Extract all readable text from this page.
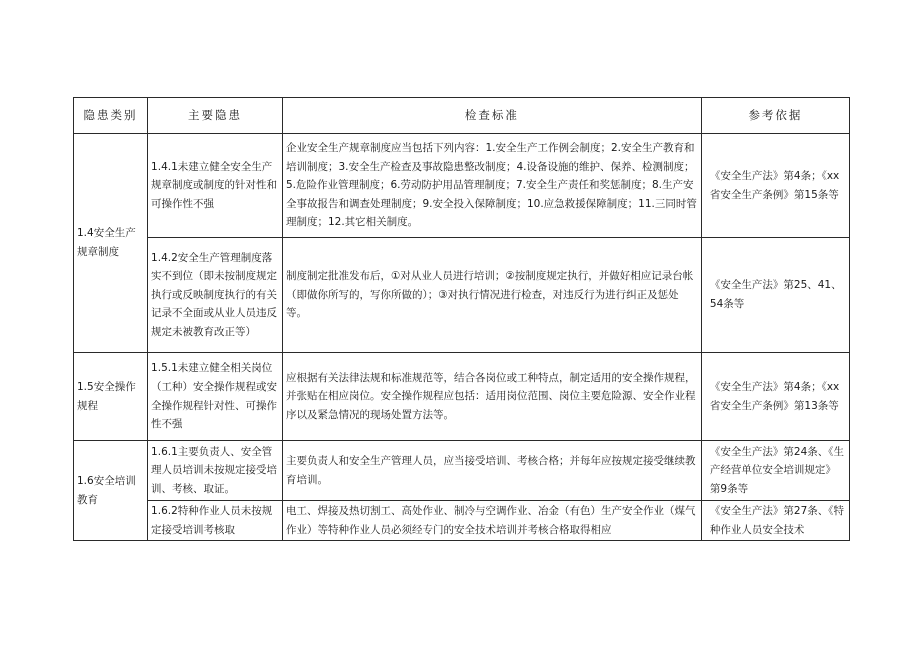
隐患类别	主要隐患	检查标准	参考依据
1.4安全生产规章制度	1.4.1未建立健全安全生产规章制度或制度的针对性和可操作性不强	企业安全生产规章制度应当包括下列内容：1.安全生产工作例会制度；2.安全生产教育和培训制度；3.安全生产检查及事故隐患整改制度；4.设备设施的维护、保养、检测制度；5.危险作业管理制度；6.劳动防护用品管理制度；7.安全生产责任和奖惩制度；8.生产安全事故报告和调查处理制度；9.安全投入保障制度；10.应急救援保障制度；11.三同时管理制度；12.其它相关制度。	《安全生产法》第4条；《xx省安全生产条例》第15条等
	1.4.2安全生产管理制度落实不到位（即未按制度规定执行或反映制度执行的有关记录不全面或从业人员违反规定未被教育改正等）	制度制定批准发布后，①对从业人员进行培训；②按制度规定执行，并做好相应记录台帐（即做你所写的，写你所做的）；③对执行情况进行检查，对违反行为进行纠正及惩处等。	《安全生产法》第25、41、54条等
1.5安全操作规程	1.5.1未建立健全相关岗位（工种）安全操作规程或安全操作规程针对性、可操作性不强	应根据有关法律法规和标准规范等，结合各岗位或工种特点，制定适用的安全操作规程，并张贴在相应岗位。安全操作规程应包括：适用岗位范围、岗位主要危险源、安全作业程序以及紧急情况的现场处置方法等。	《安全生产法》第4条；《xx省安全生产条例》第13条等
1.6安全培训教育	1.6.1主要负责人、安全管理人员培训未按规定接受培训、考核、取证。	主要负责人和安全生产管理人员，应当接受培训、考核合格；并每年应按规定接受继续教育培训。	《安全生产法》第24条、《生产经营单位安全培训规定》第9条等
	1.6.2特种作业人员未按规定接受培训考核取	电工、焊接及热切割工、高处作业、制冷与空调作业、冶金（有色）生产安全作业（煤气作业）等特种作业人员必须经专门的安全技术培训并考核合格取得相应	《安全生产法》第27条、《特种作业人员安全技术
